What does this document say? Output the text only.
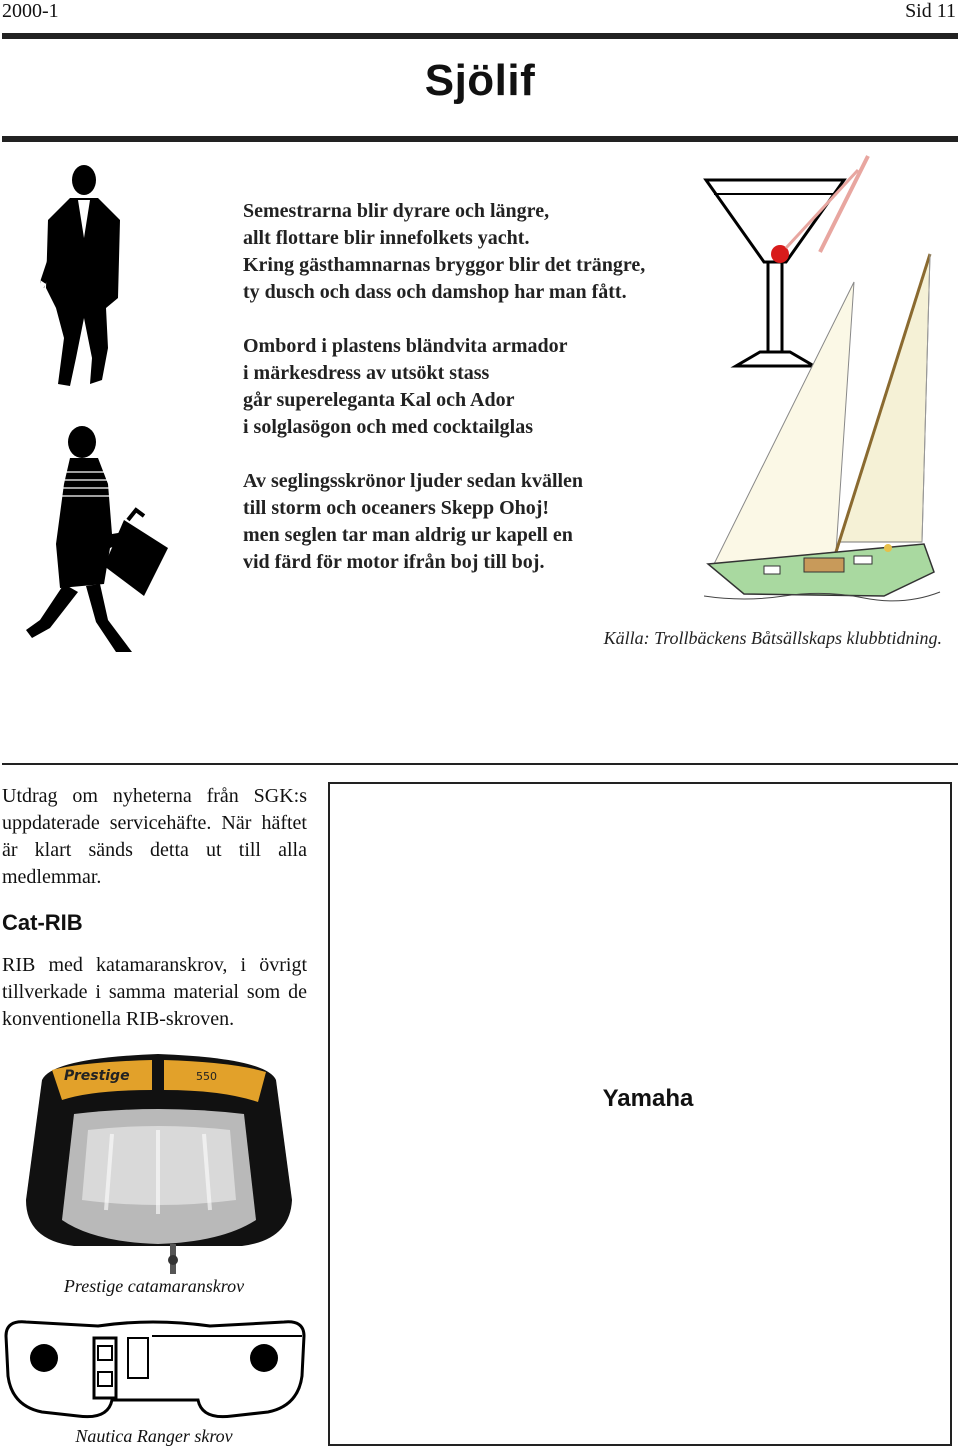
2000-1	Sid 11
Sjölif

Semestrarna blir dyrare och längre,
allt flottare blir innefolkets yacht.
Kring gästhamnarnas bryggor blir det trängre,
ty dusch och dass och damshop har man fått.

Ombord i plastens bländvita armador
i märkesdress av utsökt stass
går supereleganta Kal och Ador
i solglasögon och med cocktailglas

Av seglingsskrönor ljuder sedan kvällen
till storm och oceaners Skepp Ohoj!
men seglen tar man aldrig ur kapell en
vid färd för motor ifrån boj till boj.

Källa: Trollbäckens Båtsällskaps klubbtidning.
Utdrag om nyheterna från SGK:s uppdaterade servicehäfte. När häftet är klart sänds detta ut till alla medlemmar.
Cat-RIB
RIB med katamaranskrov, i övrigt tillverkade i samma material som de konventionella RIB-skroven.
Prestige	550
Prestige catamaranskrov
Nautica Ranger skrov
Yamaha
